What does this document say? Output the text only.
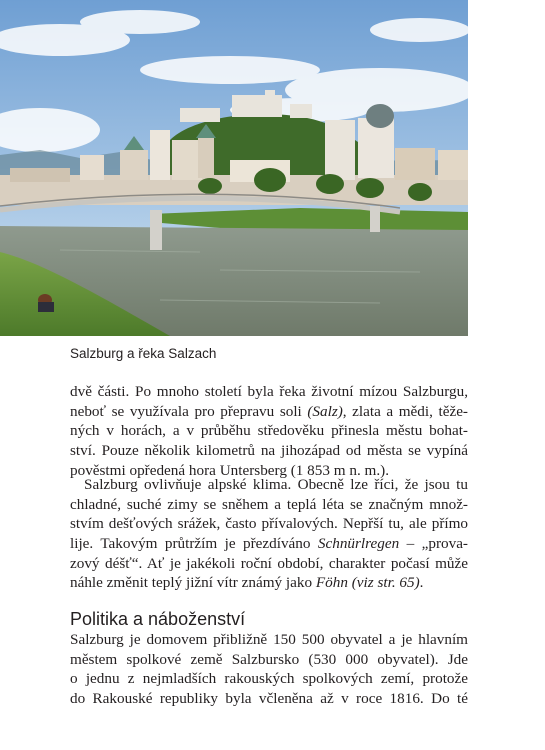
Salzburg a řeka Salzach
dvě části. Po mnoho století byla řeka životní mízou Salzburgu,
neboť se využívala pro přepravu soli (Salz), zlata a mědi, těže-
ných v horách, a v průběhu středověku přinesla městu bohat-
ství. Pouze několik kilometrů na jihozápad od města se vypíná
pověstmi opředená hora Untersberg (1 853 m n. m.).
Salzburg ovlivňuje alpské klima. Obecně lze říci, že jsou tu
chladné, suché zimy se sněhem a teplá léta se značným množ-
stvím dešťových srážek, často přívalových. Nepřší tu, ale přímo
lije. Takovým průtržím je přezdíváno Schnürlregen – „prova-
zový déšť“. Ať je jakékoli roční období, charakter počasí může
náhle změnit teplý jižní vítr známý jako Föhn (viz str. 65).
Politika a náboženství
Salzburg je domovem přibližně 150 500 obyvatel a je hlavním
městem spolkové země Salzbursko (530 000 obyvatel). Jde
o jednu z nejmladších rakouských spolkových zemí, protože
do Rakouské republiky byla včleněna až v roce 1816. Do té
